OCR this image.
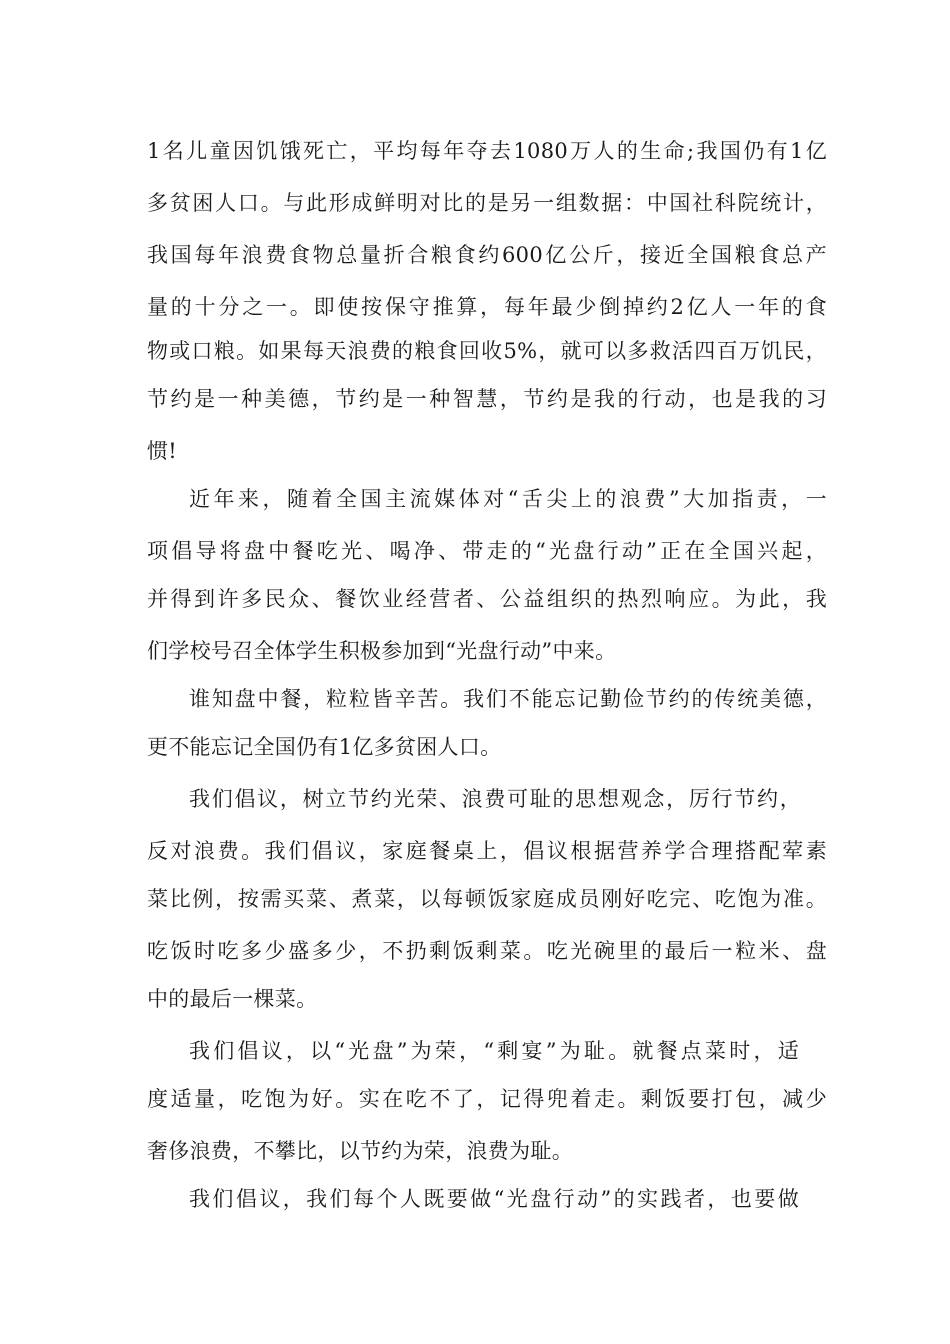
1名儿童因饥饿死亡，平均每年夺去1080万人的生命;我国仍有1亿
多贫困人口。与此形成鲜明对比的是另一组数据：中国社科院统计，
我国每年浪费食物总量折合粮食约600亿公斤，接近全国粮食总产
量的十分之一。即使按保守推算，每年最少倒掉约2亿人一年的食
物或口粮。如果每天浪费的粮食回收5%，就可以多救活四百万饥民，
节约是一种美德，节约是一种智慧，节约是我的行动，也是我的习
惯!
近年来，随着全国主流媒体对“舌尖上的浪费”大加指责，一
项倡导将盘中餐吃光、喝净、带走的“光盘行动”正在全国兴起，
并得到许多民众、餐饮业经营者、公益组织的热烈响应。为此，我
们学校号召全体学生积极参加到“光盘行动”中来。
谁知盘中餐，粒粒皆辛苦。我们不能忘记勤俭节约的传统美德，
更不能忘记全国仍有1亿多贫困人口。
我们倡议，树立节约光荣、浪费可耻的思想观念，厉行节约，
反对浪费。我们倡议，家庭餐桌上，倡议根据营养学合理搭配荤素
菜比例，按需买菜、煮菜，以每顿饭家庭成员刚好吃完、吃饱为准。
吃饭时吃多少盛多少，不扔剩饭剩菜。吃光碗里的最后一粒米、盘
中的最后一棵菜。
我们倡议，以“光盘”为荣，“剩宴”为耻。就餐点菜时，适
度适量，吃饱为好。实在吃不了，记得兜着走。剩饭要打包，减少
奢侈浪费，不攀比，以节约为荣，浪费为耻。
我们倡议，我们每个人既要做“光盘行动”的实践者，也要做
